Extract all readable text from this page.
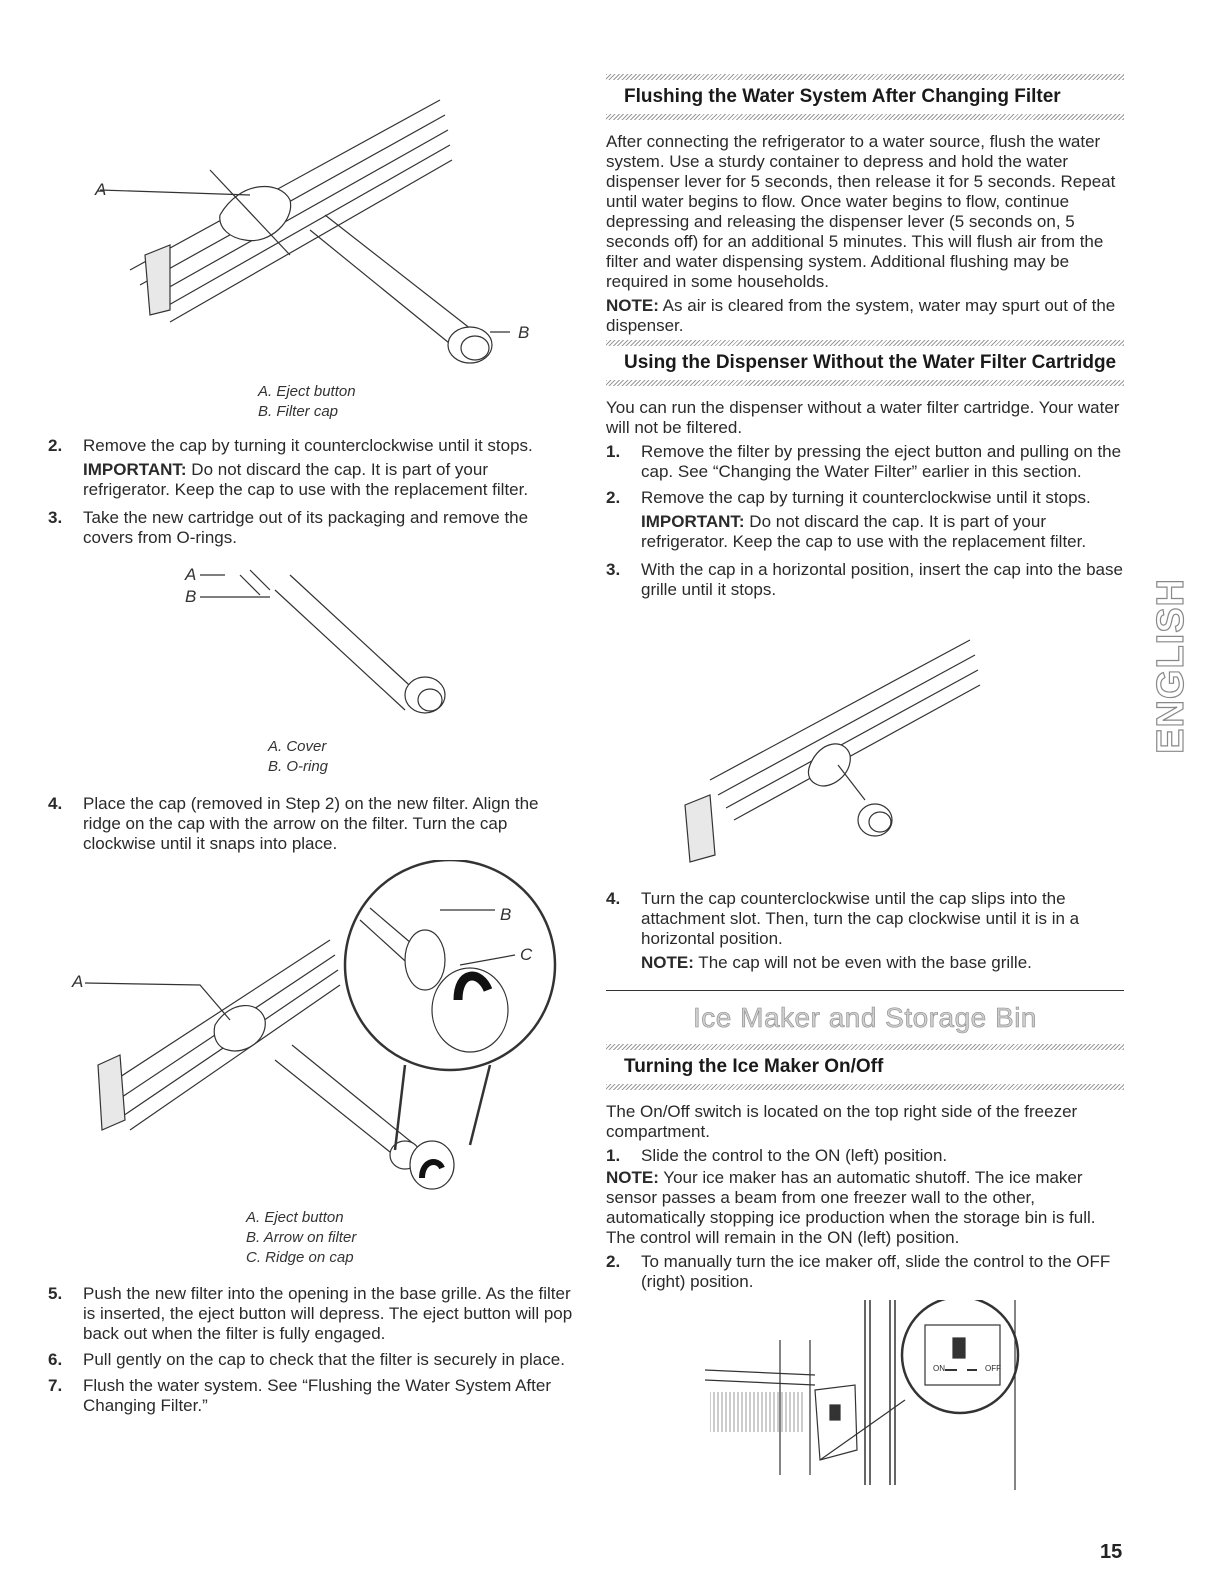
A
B
A. Eject button
B. Filter cap
2. Remove the cap by turning it counterclockwise until it stops.
IMPORTANT: Do not discard the cap. It is part of your refrigerator. Keep the cap to use with the replacement filter.
3. Take the new cartridge out of its packaging and remove the covers from O-rings.
A
B
A. Cover
B. O-ring
4. Place the cap (removed in Step 2) on the new filter. Align the ridge on the cap with the arrow on the filter. Turn the cap clockwise until it snaps into place.
A
B
C
A. Eject button
B. Arrow on filter
C. Ridge on cap
5. Push the new filter into the opening in the base grille. As the filter is inserted, the eject button will depress. The eject button will pop back out when the filter is fully engaged.
6. Pull gently on the cap to check that the filter is securely in place.
7. Flush the water system. See “Flushing the Water System After Changing Filter.”
Flushing the Water System After Changing Filter
After connecting the refrigerator to a water source, flush the water system. Use a sturdy container to depress and hold the water dispenser lever for 5 seconds, then release it for 5 seconds. Repeat until water begins to flow. Once water begins to flow, continue depressing and releasing the dispenser lever (5 seconds on, 5 seconds off) for an additional 5 minutes. This will flush air from the filter and water dispensing system. Additional flushing may be required in some households.
NOTE: As air is cleared from the system, water may spurt out of the dispenser.
Using the Dispenser Without the Water Filter Cartridge
You can run the dispenser without a water filter cartridge. Your water will not be filtered.
1. Remove the filter by pressing the eject button and pulling on the cap. See “Changing the Water Filter” earlier in this section.
2. Remove the cap by turning it counterclockwise until it stops.
IMPORTANT: Do not discard the cap. It is part of your refrigerator. Keep the cap to use with the replacement filter.
3. With the cap in a horizontal position, insert the cap into the base grille until it stops.
4. Turn the cap counterclockwise until the cap slips into the attachment slot. Then, turn the cap clockwise until it is in a horizontal position.
NOTE: The cap will not be even with the base grille.
Ice Maker and Storage Bin
Turning the Ice Maker On/Off
The On/Off switch is located on the top right side of the freezer compartment.
1. Slide the control to the ON (left) position.
NOTE: Your ice maker has an automatic shutoff. The ice maker sensor passes a beam from one freezer wall to the other, automatically stopping ice production when the storage bin is full. The control will remain in the ON (left) position.
2. To manually turn the ice maker off, slide the control to the OFF (right) position.
ON	OFF
ENGLISH
15
